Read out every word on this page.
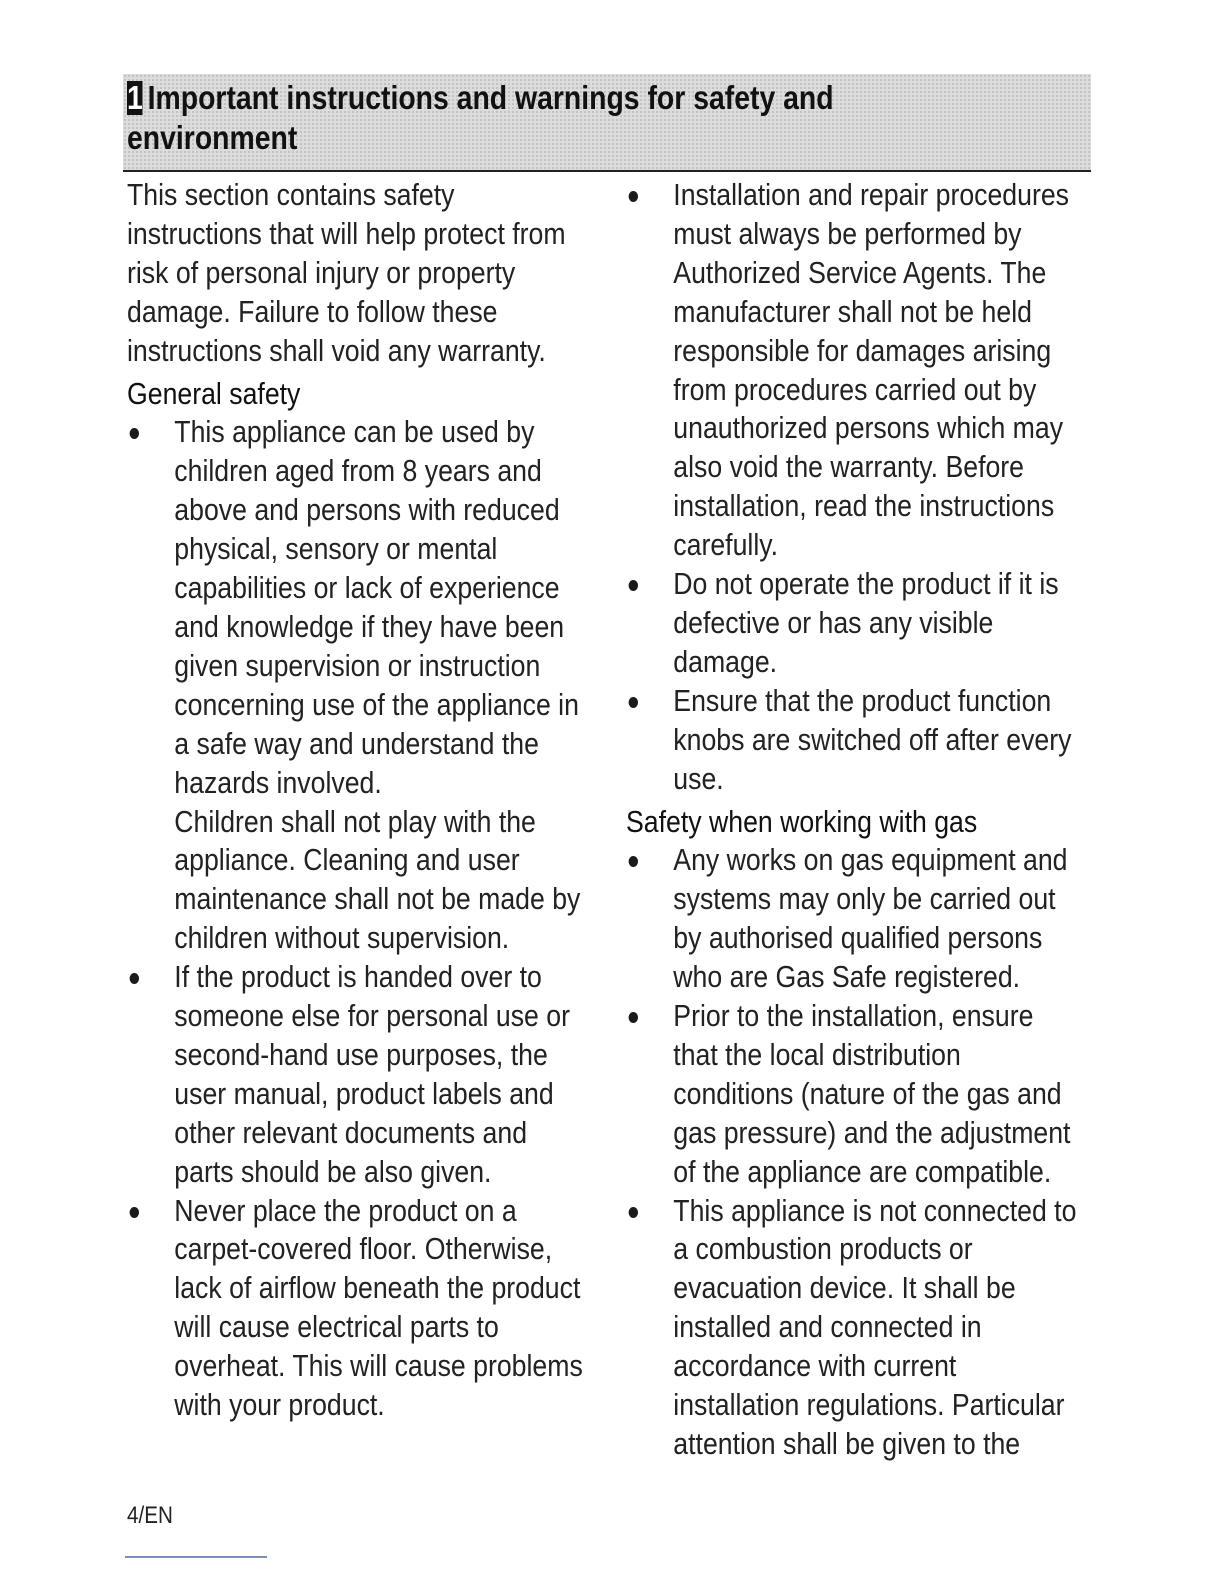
1 Important instructions and warnings for safety and environment

This section contains safety instructions that will help protect from risk of personal injury or property damage. Failure to follow these instructions shall void any warranty.

General safety

This appliance can be used by children aged from 8 years and above and persons with reduced physical, sensory or mental capabilities or lack of experience and knowledge if they have been given supervision or instruction concerning use of the appliance in a safe way and understand the hazards involved.
Children shall not play with the appliance. Cleaning and user maintenance shall not be made by children without supervision.
If the product is handed over to someone else for personal use or second-hand use purposes, the user manual, product labels and other relevant documents and parts should be also given.
Never place the product on a carpet-covered floor. Otherwise, lack of airflow beneath the product will cause electrical parts to overheat. This will cause problems with your product.
Installation and repair procedures must always be performed by Authorized Service Agents. The manufacturer shall not be held responsible for damages arising from procedures carried out by unauthorized persons which may also void the warranty. Before installation, read the instructions carefully.
Do not operate the product if it is defective or has any visible damage.
Ensure that the product function knobs are switched off after every use.

Safety when working with gas

Any works on gas equipment and systems may only be carried out by authorised qualified persons who are Gas Safe registered.
Prior to the installation, ensure that the local distribution conditions (nature of the gas and gas pressure) and the adjustment of the appliance are compatible.
This appliance is not connected to a combustion products or evacuation device. It shall be installed and connected in accordance with current installation regulations. Particular attention shall be given to the
4/EN
